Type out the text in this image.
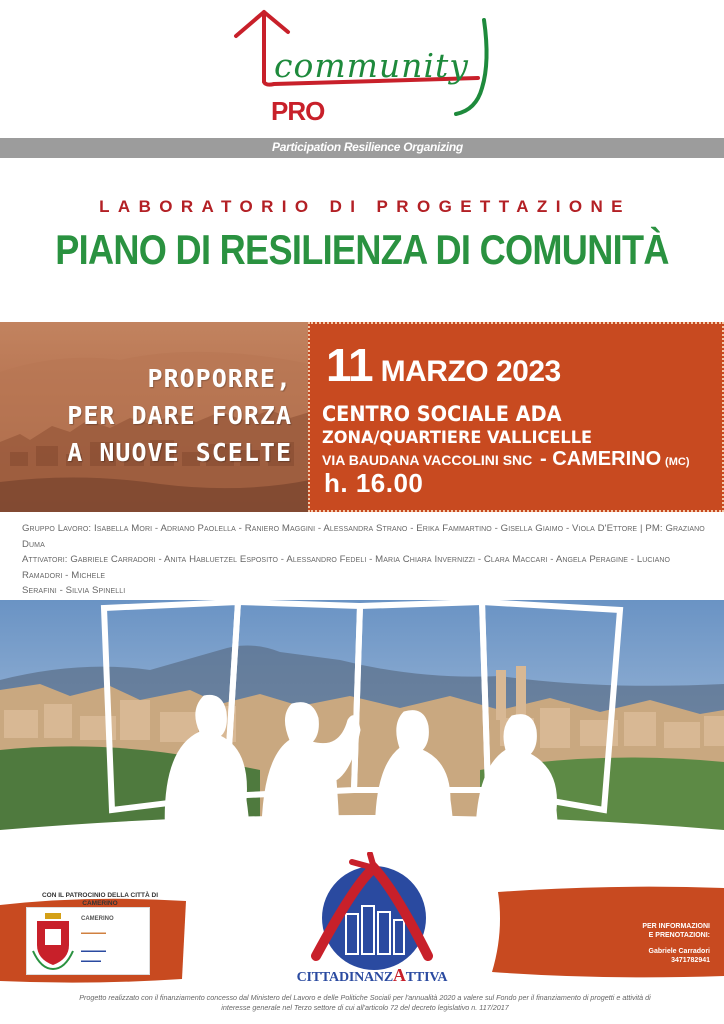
community
PRO
Participation Resilience Organizing
LABORATORIO DI PROGETTAZIONE
PIANO DI RESILIENZA DI COMUNITÀ
PROPORRE,
PER DARE FORZA
A NUOVE SCELTE
11 MARZO 2023
CENTRO SOCIALE ADA
ZONA/QUARTIERE VALLICELLE
VIA BAUDANA VACCOLINI SNC - CAMERINO (MC)
h. 16.00
Gruppo Lavoro: Isabella Mori - Adriano Paolella - Raniero Maggini - Alessandra Strano - Erika Fammartino - Gisella Giaimo - Viola D'Ettore | PM: Graziano Duma
Attivatori: Gabriele Carradori - Anita Habluetzel Esposito - Alessandro Fedeli - Maria Chiara Invernizzi - Clara Maccari - Angela Peragine - Luciano Ramadori - Michele
Serafini - Silvia Spinelli
CON IL PATROCINIO DELLA CITTÀ DI CAMERINO
CAMERINO
▬▬▬▬▬
▬▬▬▬▬
▬▬▬▬
CITTADINANZATTIVA
PER INFORMAZIONI
E PRENOTAZIONI:
Gabriele Carradori
3471782941
Progetto realizzato con il finanziamento concesso dal Ministero del Lavoro e delle Politiche Sociali per l'annualità 2020 a valere sul Fondo per il finanziamento di progetti e attività di interesse generale nel Terzo settore di cui all'articolo 72 del decreto legislativo n. 117/2017
